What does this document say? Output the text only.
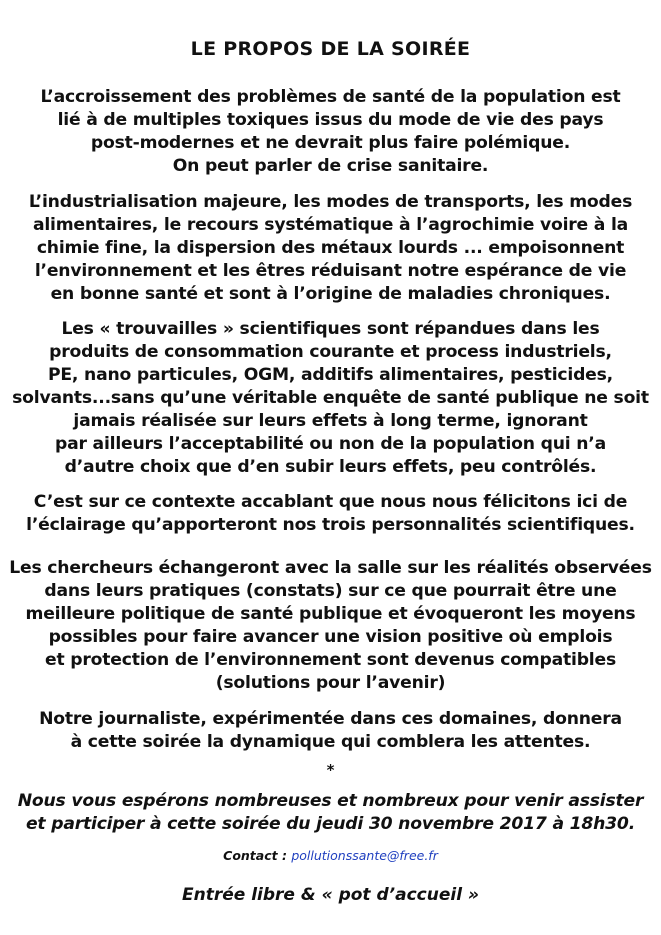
LE PROPOS DE LA SOIRÉE
L’accroissement des problèmes de santé de la population est
lié à de multiples toxiques issus du mode de vie des pays
post-modernes et ne devrait plus faire polémique.
On peut parler de crise sanitaire.
L’industrialisation majeure, les modes de transports, les modes
alimentaires, le recours systématique à l’agrochimie voire à la
chimie fine, la dispersion des métaux lourds ... empoisonnent
l’environnement et les êtres réduisant notre espérance de vie
en bonne santé et sont à l’origine de maladies chroniques.
Les « trouvailles » scientifiques sont répandues dans les
produits de consommation courante et process industriels,
PE, nano particules, OGM, additifs alimentaires, pesticides,
solvants...sans qu’une véritable enquête de santé publique ne soit
jamais réalisée sur leurs effets à long terme, ignorant
par ailleurs l’acceptabilité ou non de la population qui n’a
d’autre choix que d’en subir leurs effets, peu contrôlés.
C’est sur ce contexte accablant que nous nous félicitons ici de
l’éclairage qu’apporteront nos trois personnalités scientifiques.
Les chercheurs échangeront avec la salle sur les réalités observées
dans leurs pratiques (constats) sur ce que pourrait être une
meilleure politique de santé publique et évoqueront les moyens
possibles pour faire avancer une vision positive où emplois
et protection de l’environnement sont devenus compatibles
(solutions pour l’avenir)
Notre journaliste, expérimentée dans ces domaines, donnera
à cette soirée la dynamique qui comblera les attentes.
*
Nous vous espérons nombreuses et nombreux pour venir assister
et participer à cette soirée du jeudi 30 novembre 2017 à 18h30.
Contact : pollutionssante@free.fr
Entrée libre & « pot d’accueil »
